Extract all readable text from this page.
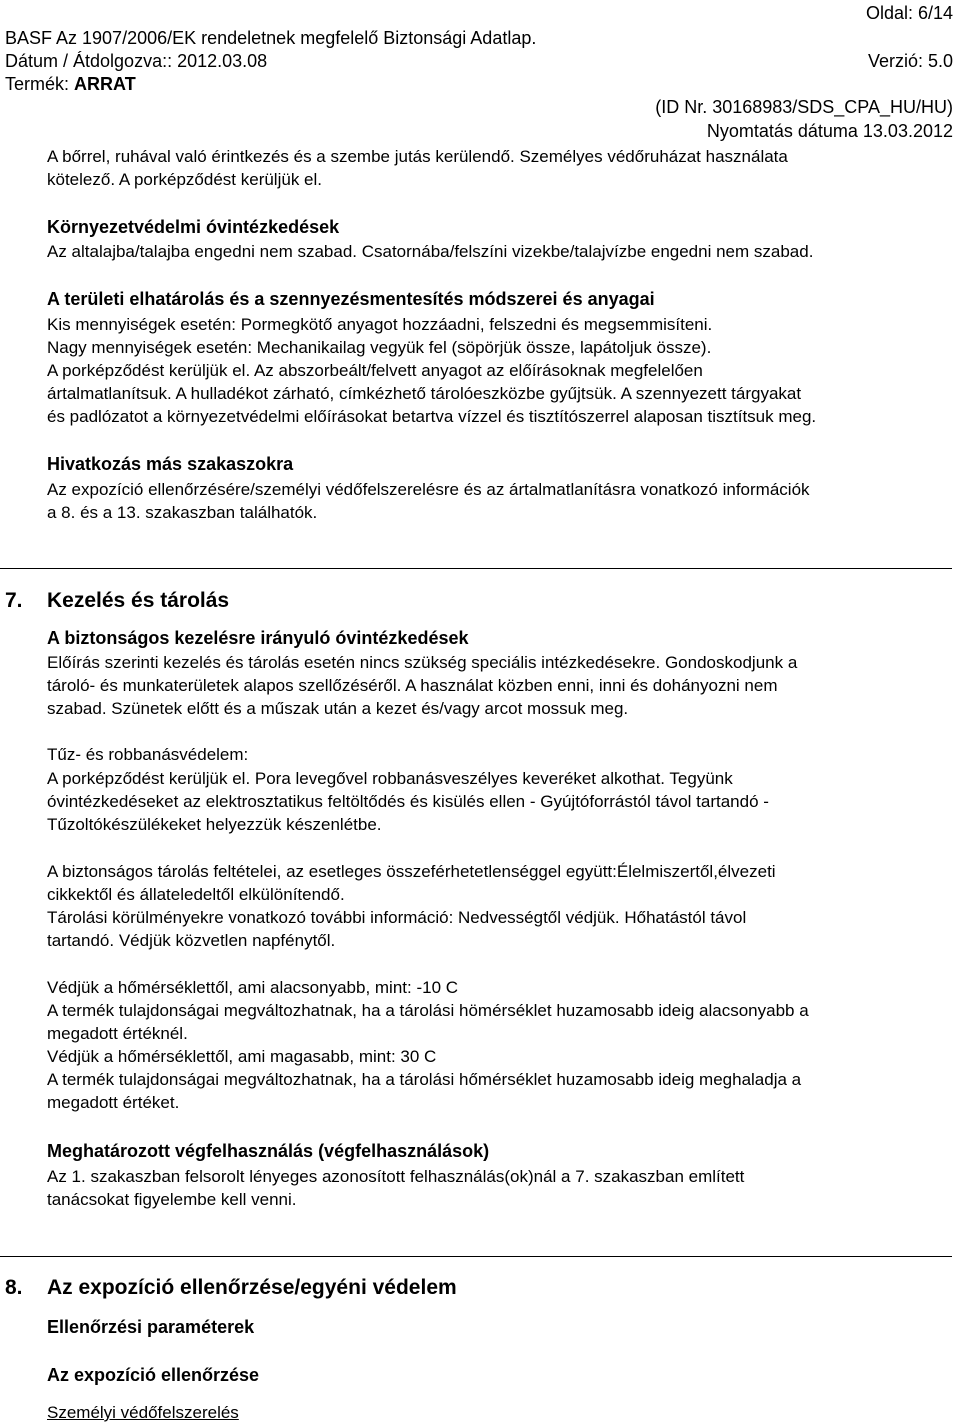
Oldal: 6/14
BASF Az 1907/2006/EK rendeletnek megfelelő Biztonsági Adatlap.
Dátum / Átdolgozva:: 2012.03.08	Verzió: 5.0
Termék: ARRAT
(ID Nr. 30168983/SDS_CPA_HU/HU)
Nyomtatás dátuma 13.03.2012

A bőrrel, ruhával való érintkezés és a szembe jutás kerülendő. Személyes védőruházat használata

kötelező. A porképződést kerüljük el.

Környezetvédelmi óvintézkedések

Az altalajba/talajba engedni nem szabad. Csatornába/felszíni vizekbe/talajvízbe engedni nem szabad.

A területi elhatárolás és a szennyezésmentesítés módszerei és anyagai

Kis mennyiségek esetén: Pormegkötő anyagot hozzáadni, felszedni és megsemmisíteni.

Nagy mennyiségek esetén: Mechanikailag vegyük fel (söpörjük össze, lapátoljuk össze).

A porképződést kerüljük el. Az abszorbeált/felvett anyagot az előírásoknak megfelelően

ártalmatlanítsuk. A hulladékot zárható, címkézhető tárolóeszközbe gyűjtsük. A szennyezett tárgyakat

és padlózatot a környezetvédelmi előírásokat betartva vízzel és tisztítószerrel alaposan tisztítsuk meg.

Hivatkozás más szakaszokra

Az expozíció ellenőrzésére/személyi védőfelszerelésre és az ártalmatlanításra vonatkozó információk

a 8. és a 13. szakaszban találhatók.

7. Kezelés és tárolás
A biztonságos kezelésre irányuló óvintézkedések

Előírás szerinti kezelés és tárolás esetén nincs szükség speciális intézkedésekre. Gondoskodjunk a

tároló- és munkaterületek alapos szellőzéséről. A használat közben enni, inni és dohányozni nem

szabad. Szünetek előtt és a műszak után a kezet és/vagy arcot mossuk meg.

Tűz- és robbanásvédelem:

A porképződést kerüljük el. Pora levegővel robbanásveszélyes keveréket alkothat. Tegyünk

óvintézkedéseket az elektrosztatikus feltöltődés és kisülés ellen - Gyújtóforrástól távol tartandó -

Tűzoltókészülékeket helyezzük készenlétbe.

A biztonságos tárolás feltételei, az esetleges összeférhetetlenséggel együtt:Élelmiszertől,élvezeti

cikkektől és állateledeltől elkülönítendő.

Tárolási körülményekre vonatkozó további információ: Nedvességtől védjük. Hőhatástól távol

tartandó. Védjük közvetlen napfénytől.

Védjük a hőmérséklettől, ami alacsonyabb, mint: -10 C

A termék tulajdonságai megváltozhatnak, ha a tárolási hömérséklet huzamosabb ideig alacsonyabb a

megadott értéknél.

Védjük a hőmérséklettől, ami magasabb, mint: 30 C

A termék tulajdonságai megváltozhatnak, ha a tárolási hőmérséklet huzamosabb ideig meghaladja a

megadott értéket.

Meghatározott végfelhasználás (végfelhasználások)

Az 1. szakaszban felsorolt lényeges azonosított felhasználás(ok)nál a 7. szakaszban említett

tanácsokat figyelembe kell venni.

8. Az expozíció ellenőrzése/egyéni védelem
Ellenőrzési paraméterek
Az expozíció ellenőrzése

Személyi védőfelszerelés
